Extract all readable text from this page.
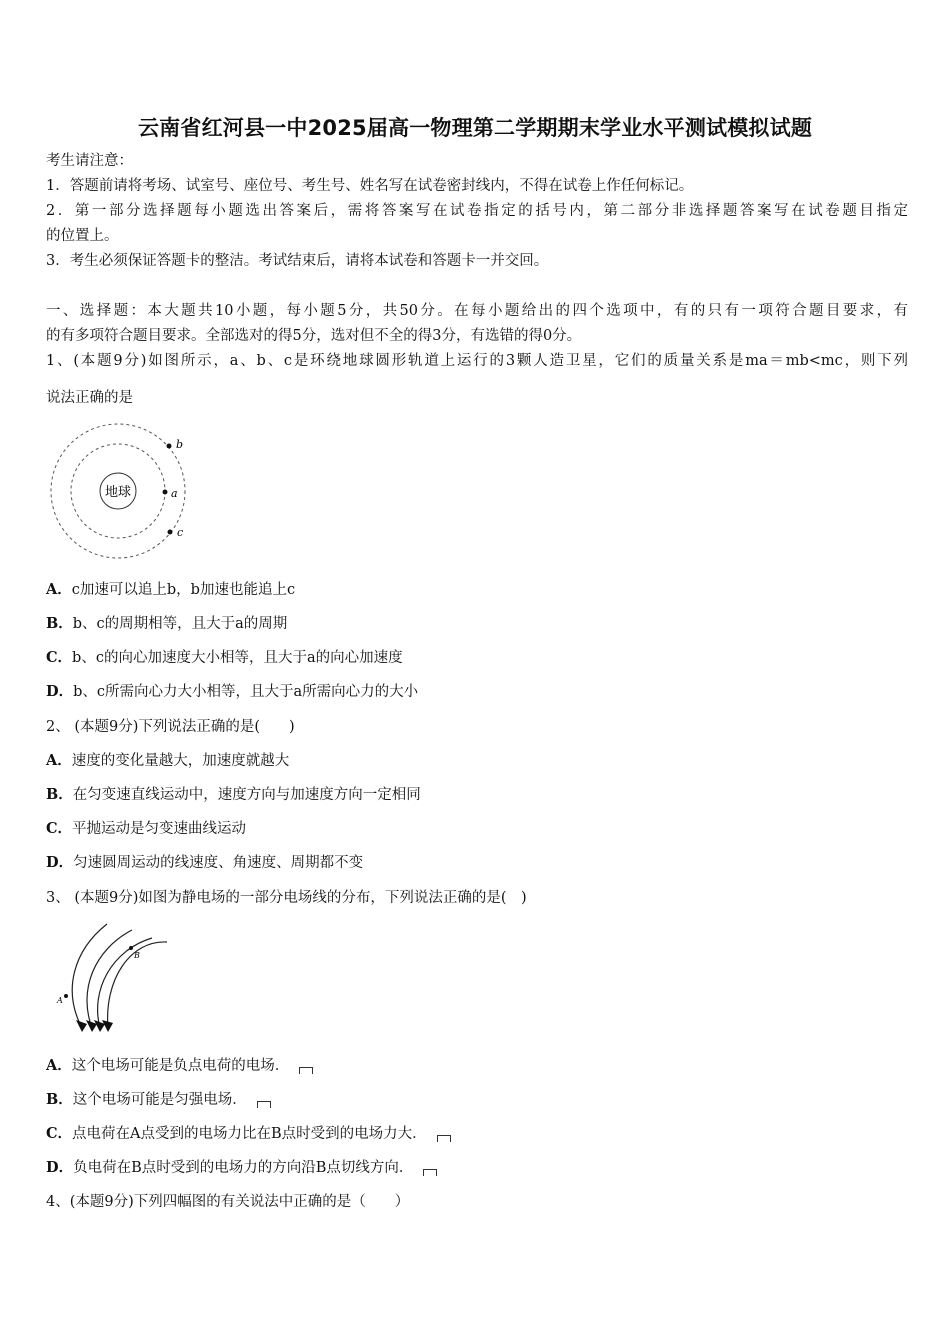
云南省红河县一中2025届高一物理第二学期期末学业水平测试模拟试题
考生请注意：
1．答题前请将考场、试室号、座位号、考生号、姓名写在试卷密封线内，不得在试卷上作任何标记。
2．第一部分选择题每小题选出答案后，需将答案写在试卷指定的括号内，第二部分非选择题答案写在试卷题目指定
的位置上。
3．考生必须保证答题卡的整洁。考试结束后，请将本试卷和答题卡一并交回。
一、选择题：本大题共10小题，每小题5分，共50分。在每小题给出的四个选项中，有的只有一项符合题目要求，有
的有多项符合题目要求。全部选对的得5分，选对但不全的得3分，有选错的得0分。
1、(本题9分)如图所示，a、b、c是环绕地球圆形轨道上运行的3颗人造卫星，它们的质量关系是ma＝mb<mc，则下列
说法正确的是
地球
b
a
c
A．c加速可以追上b，b加速也能追上c
B．b、c的周期相等，且大于a的周期
C．b、c的向心加速度大小相等，且大于a的向心加速度
D．b、c所需向心力大小相等，且大于a所需向心力的大小
2、 (本题9分)下列说法正确的是(　　)
A．速度的变化量越大，加速度就越大
B．在匀变速直线运动中，速度方向与加速度方向一定相同
C．平抛运动是匀变速曲线运动
D．匀速圆周运动的线速度、角速度、周期都不变
3、 (本题9分)如图为静电场的一部分电场线的分布，下列说法正确的是(　)
A
B
A．这个电场可能是负点电荷的电场．
B．这个电场可能是匀强电场．
C．点电荷在A点受到的电场力比在B点时受到的电场力大．
D．负电荷在B点时受到的电场力的方向沿B点切线方向．
4、(本题9分)下列四幅图的有关说法中正确的是（　　）
